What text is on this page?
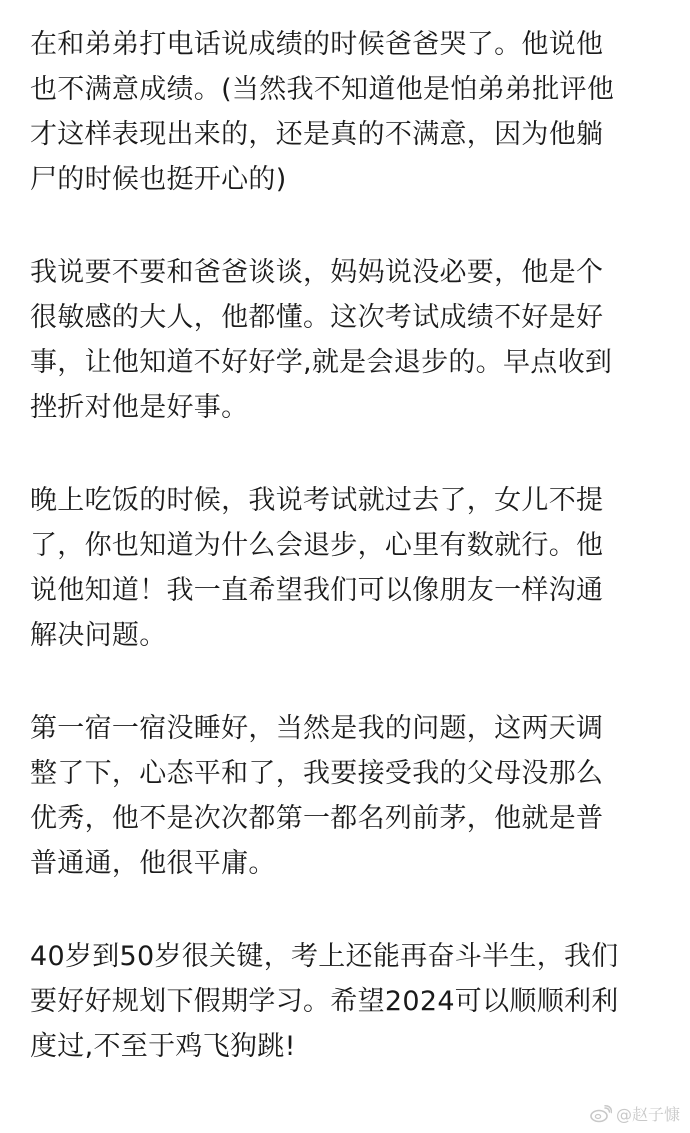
在和弟弟打电话说成绩的时候爸爸哭了。他说他
也不满意成绩。(当然我不知道他是怕弟弟批评他
才这样表现出来的，还是真的不满意，因为他躺
尸的时候也挺开心的)
我说要不要和爸爸谈谈，妈妈说没必要，他是个
很敏感的大人，他都懂。这次考试成绩不好是好
事，让他知道不好好学,就是会退步的。早点收到
挫折对他是好事。
晚上吃饭的时候，我说考试就过去了，女儿不提
了，你也知道为什么会退步，心里有数就行。他
说他知道！我一直希望我们可以像朋友一样沟通
解决问题。
第一宿一宿没睡好，当然是我的问题，这两天调
整了下，心态平和了，我要接受我的父母没那么
优秀，他不是次次都第一都名列前茅，他就是普
普通通，他很平庸。
40岁到50岁很关键，考上还能再奋斗半生，我们
要好好规划下假期学习。希望2024可以顺顺利利
度过,不至于鸡飞狗跳!
@赵子慷
